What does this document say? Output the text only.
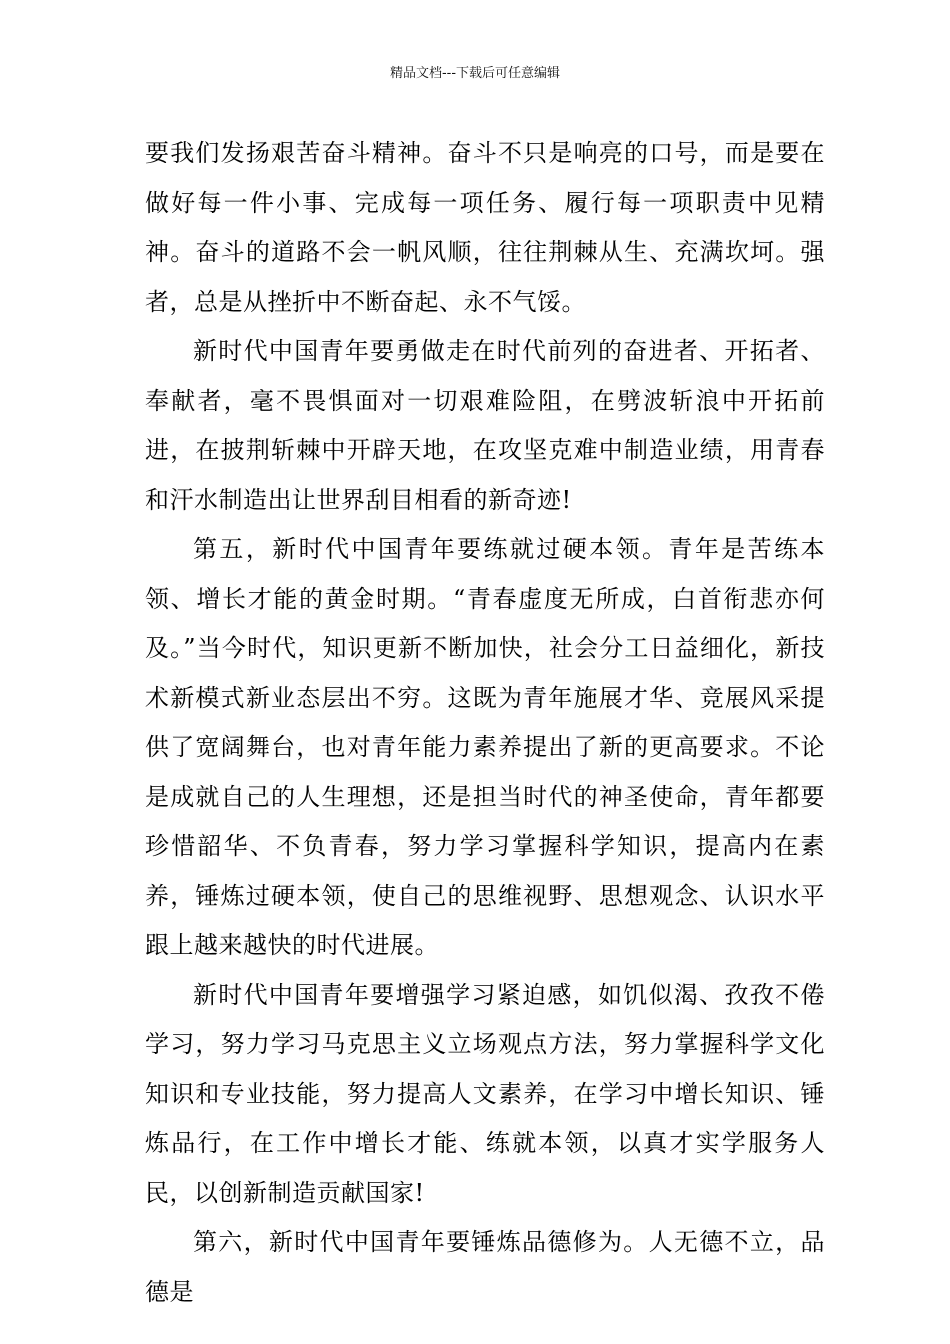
精品文档---下载后可任意编辑

要我们发扬艰苦奋斗精神。奋斗不只是响亮的口号，而是要在做好每一件小事、完成每一项任务、履行每一项职责中见精神。奋斗的道路不会一帆风顺，往往荆棘从生、充满坎坷。强者，总是从挫折中不断奋起、永不气馁。

新时代中国青年要勇做走在时代前列的奋进者、开拓者、奉献者，毫不畏惧面对一切艰难险阻，在劈波斩浪中开拓前进，在披荆斩棘中开辟天地，在攻坚克难中制造业绩，用青春和汗水制造出让世界刮目相看的新奇迹!

第五，新时代中国青年要练就过硬本领。青年是苦练本领、增长才能的黄金时期。“青春虚度无所成，白首衔悲亦何及。”当今时代，知识更新不断加快，社会分工日益细化，新技术新模式新业态层出不穷。这既为青年施展才华、竞展风采提供了宽阔舞台，也对青年能力素养提出了新的更高要求。不论是成就自己的人生理想，还是担当时代的神圣使命，青年都要珍惜韶华、不负青春，努力学习掌握科学知识，提高内在素养，锤炼过硬本领，使自己的思维视野、思想观念、认识水平跟上越来越快的时代进展。

新时代中国青年要增强学习紧迫感，如饥似渴、孜孜不倦学习，努力学习马克思主义立场观点方法，努力掌握科学文化知识和专业技能，努力提高人文素养，在学习中增长知识、锤炼品行，在工作中增长才能、练就本领，以真才实学服务人民，以创新制造贡献国家!

第六，新时代中国青年要锤炼品德修为。人无德不立，品德是
